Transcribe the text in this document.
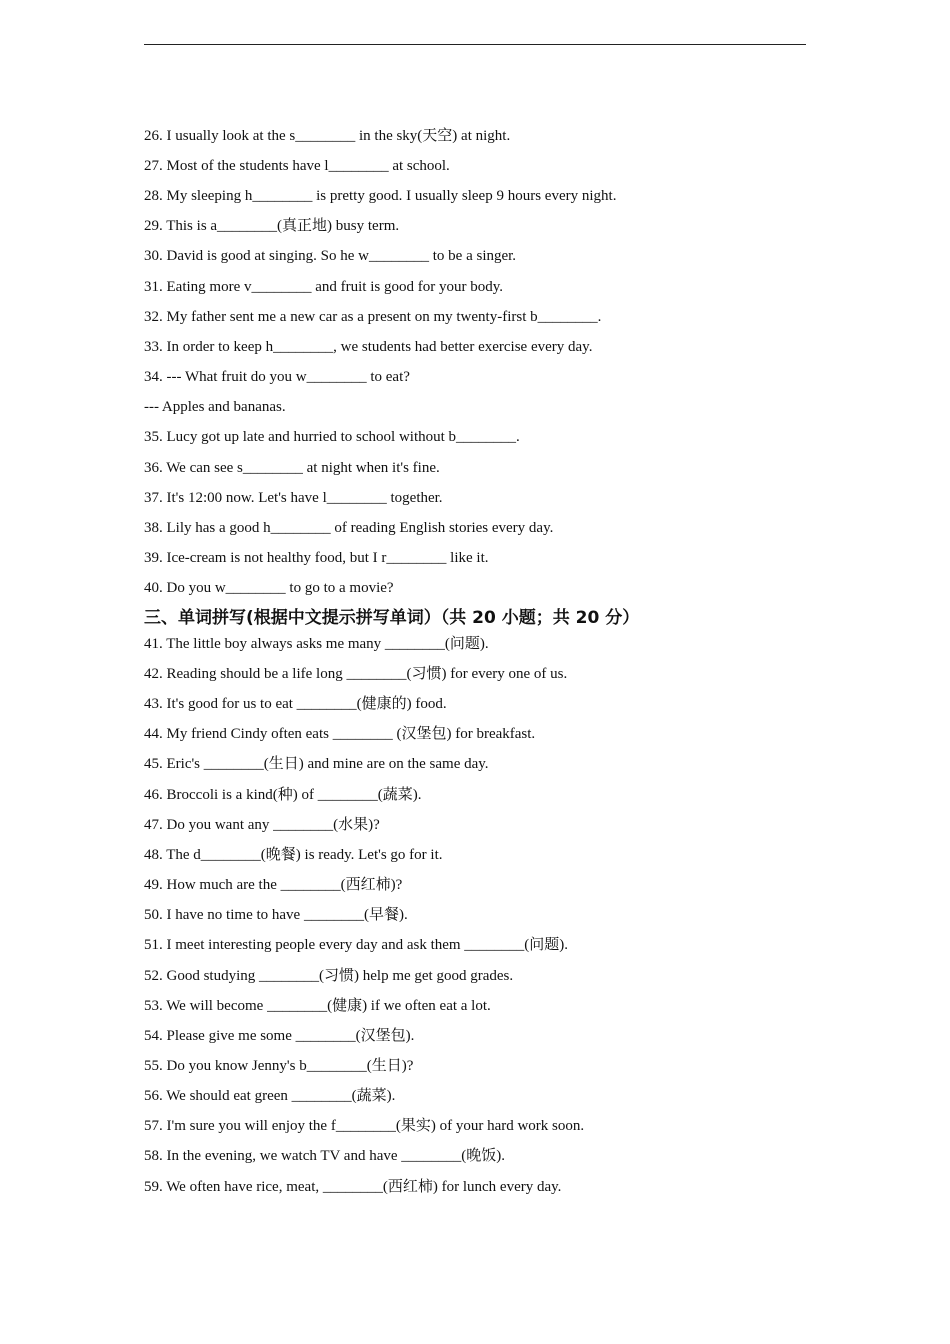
26. I usually look at the s________ in the sky(天空) at night.
27. Most of the students have l________ at school.
28. My sleeping h________ is pretty good. I usually sleep 9 hours every night.
29. This is a________(真正地) busy term.
30. David is good at singing. So he w________ to be a singer.
31. Eating more v________ and fruit is good for your body.
32. My father sent me a new car as a present on my twenty-first b________.
33. In order to keep h________, we students had better exercise every day.
34. --- What fruit do you w________ to eat?
--- Apples and bananas.
35. Lucy got up late and hurried to school without b________.
36. We can see s________ at night when it's fine.
37. It's 12:00 now. Let's have l________ together.
38. Lily has a good h________ of reading English stories every day.
39. Ice-cream is not healthy food, but I r________ like it.
40. Do you w________ to go to a movie?
三、单词拼写(根据中文提示拼写单词）（共 20 小题；共 20 分）
41. The little boy always asks me many ________(问题).
42. Reading should be a life long ________(习惯) for every one of us.
43. It's good for us to eat ________(健康的) food.
44. My friend Cindy often eats ________ (汉堡包) for breakfast.
45. Eric's ________(生日) and mine are on the same day.
46. Broccoli is a kind(种) of ________(蔬菜).
47. Do you want any ________(水果)?
48. The d________(晚餐) is ready. Let's go for it.
49. How much are the ________(西红柿)?
50. I have no time to have ________(早餐).
51. I meet interesting people every day and ask them ________(问题).
52. Good studying ________(习惯) help me get good grades.
53. We will become ________(健康) if we often eat a lot.
54. Please give me some ________(汉堡包).
55. Do you know Jenny's b________(生日)?
56. We should eat green ________(蔬菜).
57. I'm sure you will enjoy the f________(果实) of your hard work soon.
58. In the evening, we watch TV and have ________(晚饭).
59. We often have rice, meat, ________(西红柿) for lunch every day.
